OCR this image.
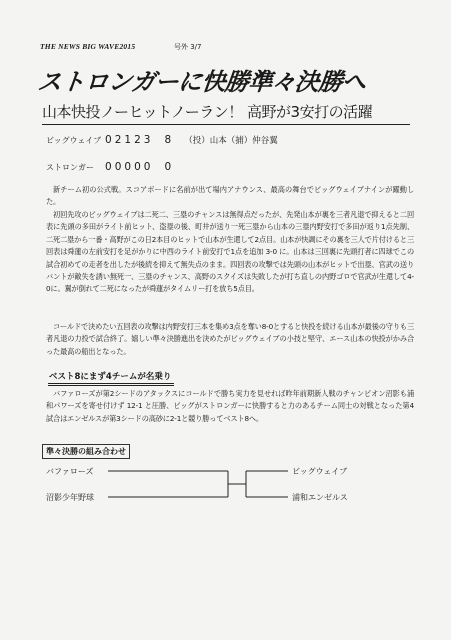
THE NEWS BIG WAVE2015	号外 3/7
ストロンガーに快勝準々決勝へ
山本快投ノーヒットノーラン！ 高野が3安打の活躍
ビッグウェイブ 02123 8 （投）山本（捕）仲谷翼
ストロンガー 00000 0

新チーム初の公式戦。スコアボードに名前が出て場内アナウンス、最高の舞台でビッグウェイブナインが躍動した。

初回先攻のビッグウェイブは二死二、三塁のチャンスは無得点だったが、先発山本が裏を三者凡退で抑えると二回表に先頭の多田がライト前ヒット、盗塁の後、町井が送り一死三塁から山本の三塁内野安打で多田が返り1点先制、二死二塁から一番・高野がこの日2本目のヒットで山本が生還して2点目。山本が快調にその裏を三人で片付けると三回表は舜蓮の左前安打を足がかりに中西のライト前安打で1点を追加 3-0 に。山本は三回裏に先頭打者に四球でこの試合初めての走者を出したが後続を抑えて無失点のまま。四回表の攻撃では先頭の山本がヒットで出塁、官武の送りバントが敵失を誘い無死一、三塁のチャンス、高野のスクイズは失敗したが打ち直しの内野ゴロで官武が生還して4-0に。翼が倒れて二死になったが舜蓮がタイムリー打を放ち5点目。

コールドで決めたい五回表の攻撃は内野安打三本を集め3点を奪い8-0とすると快投を続ける山本が最後の守りも三者凡退の力投で試合終了。嬉しい準々決勝進出を決めたがビッグウェイブの小技と堅守、エース山本の快投がかみ合った最高の船出となった。

ベスト8にまず4チームが名乗り

バファローズが第2シードのアタックスにコールドで勝ち実力を見せれば昨年前期新人戦のチャンピオン沼影も浦和パワーズを寄せ付けず 12-1 と圧勝、ビッグがストロンガーに快勝すると力のあるチーム同士の対戦となった第4試合はエンゼルスが第3シードの高砂に2-1と競り勝ってベスト8へ。

準々決勝の組み合わせ
バファローズ
沼影少年野球
ビッグウェイブ
浦和エンゼルス
